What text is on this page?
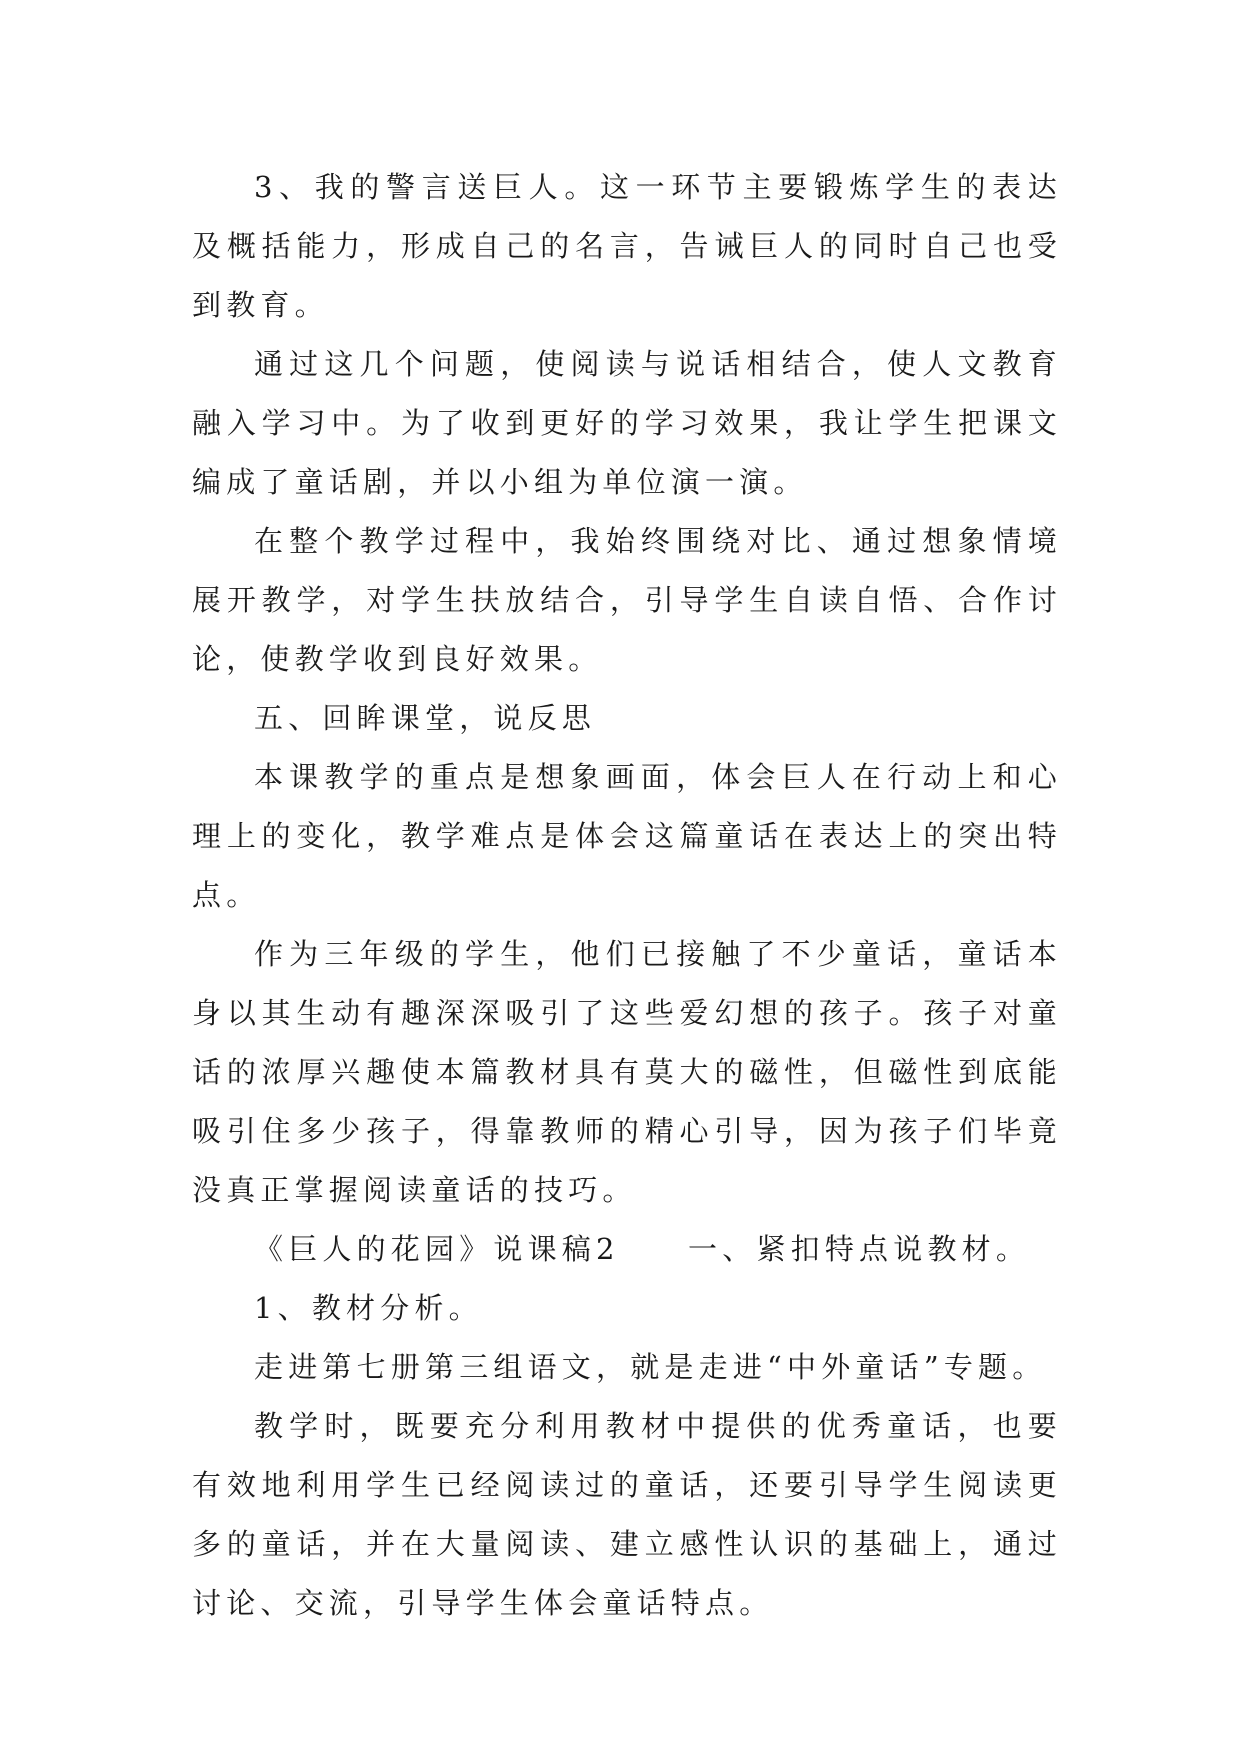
3、我的警言送巨人。这一环节主要锻炼学生的表达及概括能力，形成自己的名言，告诫巨人的同时自己也受到教育。

通过这几个问题，使阅读与说话相结合，使人文教育融入学习中。为了收到更好的学习效果，我让学生把课文编成了童话剧，并以小组为单位演一演。

在整个教学过程中，我始终围绕对比、通过想象情境展开教学，对学生扶放结合，引导学生自读自悟、合作讨论，使教学收到良好效果。

五、回眸课堂，说反思

本课教学的重点是想象画面，体会巨人在行动上和心理上的变化，教学难点是体会这篇童话在表达上的突出特点。

作为三年级的学生，他们已接触了不少童话，童话本身以其生动有趣深深吸引了这些爱幻想的孩子。孩子对童话的浓厚兴趣使本篇教材具有莫大的磁性，但磁性到底能吸引住多少孩子，得靠教师的精心引导，因为孩子们毕竟没真正掌握阅读童话的技巧。

《巨人的花园》说课稿2　　一、紧扣特点说教材。

1、教材分析。

走进第七册第三组语文，就是走进“中外童话”专题。

教学时，既要充分利用教材中提供的优秀童话，也要有效地利用学生已经阅读过的童话，还要引导学生阅读更多的童话，并在大量阅读、建立感性认识的基础上，通过讨论、交流，引导学生体会童话特点。
